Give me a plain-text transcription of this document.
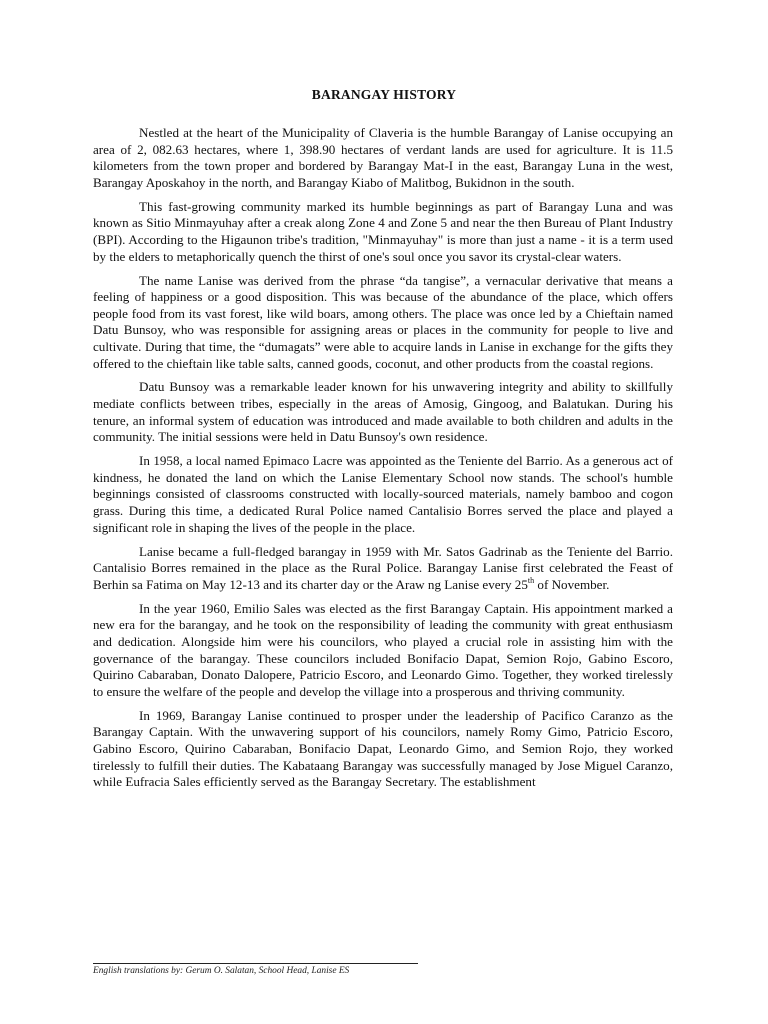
BARANGAY HISTORY

Nestled at the heart of the Municipality of Claveria is the humble Barangay of Lanise occupying an area of 2, 082.63 hectares, where 1, 398.90 hectares of verdant lands are used for agriculture. It is 11.5 kilometers from the town proper and bordered by Barangay Mat-I in the east, Barangay Luna in the west, Barangay Aposkahoy in the north, and Barangay Kiabo of Malitbog, Bukidnon in the south.

This fast-growing community marked its humble beginnings as part of Barangay Luna and was known as Sitio Minmayuhay after a creak along Zone 4 and Zone 5 and near the then Bureau of Plant Industry (BPI). According to the Higaunon tribe's tradition, "Minmayuhay" is more than just a name - it is a term used by the elders to metaphorically quench the thirst of one's soul once you savor its crystal-clear waters.

The name Lanise was derived from the phrase “da tangise”, a vernacular derivative that means a feeling of happiness or a good disposition. This was because of the abundance of the place, which offers people food from its vast forest, like wild boars, among others. The place was once led by a Chieftain named Datu Bunsoy, who was responsible for assigning areas or places in the community for people to live and cultivate. During that time, the “dumagats” were able to acquire lands in Lanise in exchange for the gifts they offered to the chieftain like table salts, canned goods, coconut, and other products from the coastal regions.

Datu Bunsoy was a remarkable leader known for his unwavering integrity and ability to skillfully mediate conflicts between tribes, especially in the areas of Amosig, Gingoog, and Balatukan. During his tenure, an informal system of education was introduced and made available to both children and adults in the community. The initial sessions were held in Datu Bunsoy's own residence.

In 1958, a local named Epimaco Lacre was appointed as the Teniente del Barrio. As a generous act of kindness, he donated the land on which the Lanise Elementary School now stands. The school's humble beginnings consisted of classrooms constructed with locally-sourced materials, namely bamboo and cogon grass. During this time, a dedicated Rural Police named Cantalisio Borres served the place and played a significant role in shaping the lives of the people in the place.

Lanise became a full-fledged barangay in 1959 with Mr. Satos Gadrinab as the Teniente del Barrio. Cantalisio Borres remained in the place as the Rural Police. Barangay Lanise first celebrated the Feast of Berhin sa Fatima on May 12-13 and its charter day or the Araw ng Lanise every 25th of November.

In the year 1960, Emilio Sales was elected as the first Barangay Captain. His appointment marked a new era for the barangay, and he took on the responsibility of leading the community with great enthusiasm and dedication. Alongside him were his councilors, who played a crucial role in assisting him with the governance of the barangay. These councilors included Bonifacio Dapat, Semion Rojo, Gabino Escoro, Quirino Cabaraban, Donato Dalopere, Patricio Escoro, and Leonardo Gimo. Together, they worked tirelessly to ensure the welfare of the people and develop the village into a prosperous and thriving community.

In 1969, Barangay Lanise continued to prosper under the leadership of Pacifico Caranzo as the Barangay Captain. With the unwavering support of his councilors, namely Romy Gimo, Patricio Escoro, Gabino Escoro, Quirino Cabaraban, Bonifacio Dapat, Leonardo Gimo, and Semion Rojo, they worked tirelessly to fulfill their duties. The Kabataang Barangay was successfully managed by Jose Miguel Caranzo, while Eufracia Sales efficiently served as the Barangay Secretary. The establishment

English translations by: Gerum O. Salatan, School Head, Lanise ES
